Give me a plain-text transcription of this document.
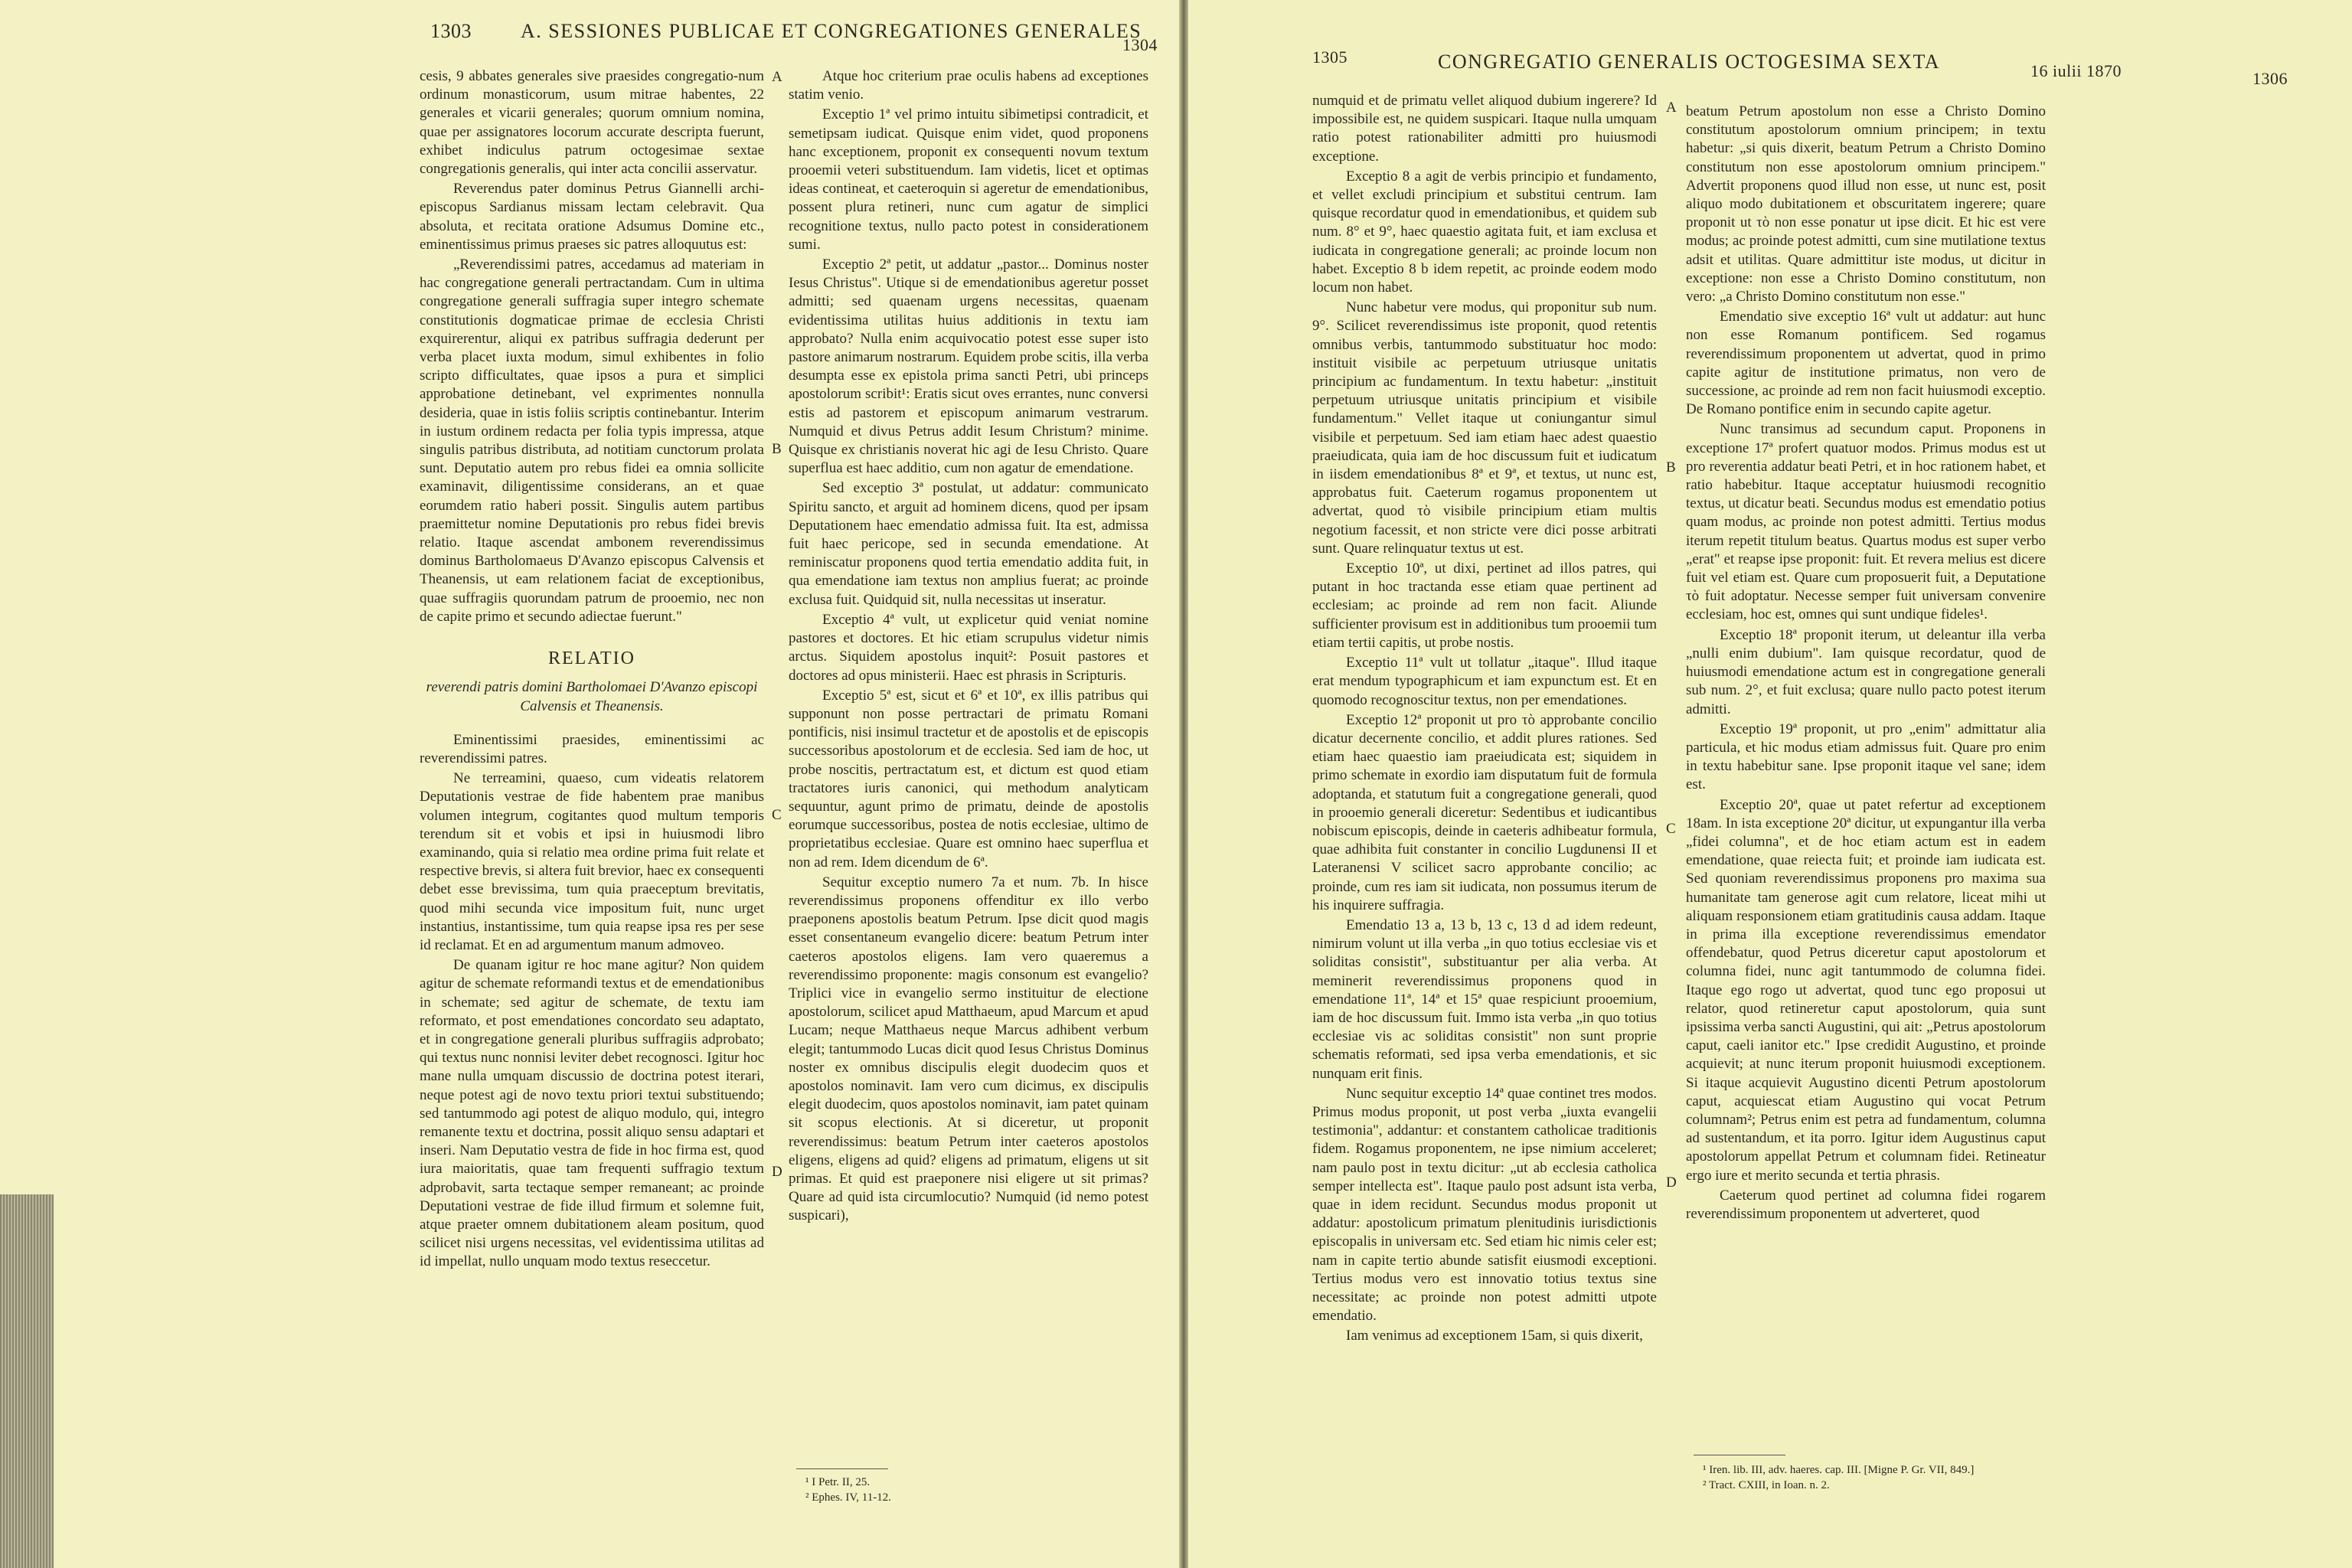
1303 A. SESSIONES PUBLICAE ET CONGREGATIONES GENERALES
1304

cesis, 9 abbates generales sive praesides congregatio-num ordinum monasticorum, usum mitrae habentes, 22 generales et vicarii generales; quorum omnium nomina, quae per assignatores locorum accurate descripta fuerunt, exhibet indiculus patrum octogesimae sextae congregationis generalis, qui inter acta concilii asservatur.

Reverendus pater dominus Petrus Giannelli archi-episcopus Sardianus missam lectam celebravit. Qua absoluta, et recitata oratione Adsumus Domine etc., eminentissimus primus praeses sic patres alloquutus est:

„Reverendissimi patres, accedamus ad materiam in hac congregatione generali pertractandam. Cum in ultima congregatione generali suffragia super integro schemate constitutionis dogmaticae primae de ecclesia Christi exquirerentur, aliqui ex patribus suffragia dederunt per verba placet iuxta modum, simul exhibentes in folio scripto difficultates, quae ipsos a pura et simplici approbatione detinebant, vel exprimentes nonnulla desideria, quae in istis foliis scriptis continebantur. Interim in iustum ordinem redacta per folia typis impressa, atque singulis patribus distributa, ad notitiam cunctorum prolata sunt. Deputatio autem pro rebus fidei ea omnia sollicite examinavit, diligentissime considerans, an et quae eorumdem ratio haberi possit. Singulis autem partibus praemittetur nomine Deputationis pro rebus fidei brevis relatio. Itaque ascendat ambonem reverendissimus dominus Bartholomaeus D'Avanzo episcopus Calvensis et Theanensis, ut eam relationem faciat de exceptionibus, quae suffragiis quorundam patrum de prooemio, nec non de capite primo et secundo adiectae fuerunt."

RELATIO

reverendi patris domini Bartholomaei D'Avanzo episcopi Calvensis et Theanensis.

Eminentissimi praesides, eminentissimi ac reverendissimi patres.

Ne terreamini, quaeso, cum videatis relatorem Deputationis vestrae de fide habentem prae manibus volumen integrum, cogitantes quod multum temporis terendum sit et vobis et ipsi in huiusmodi libro examinando, quia si relatio mea ordine prima fuit relate et respective brevis, si altera fuit brevior, haec ex consequenti debet esse brevissima, tum quia praeceptum brevitatis, quod mihi secunda vice impositum fuit, nunc urget instantius, instantissime, tum quia reapse ipsa res per sese id reclamat. Et en ad argumentum manum admoveo.

De quanam igitur re hoc mane agitur? Non quidem agitur de schemate reformandi textus et de emendationibus in schemate; sed agitur de schemate, de textu iam reformato, et post emendationes concordato seu adaptato, et in congregatione generali pluribus suffragiis adprobato; qui textus nunc nonnisi leviter debet recognosci. Igitur hoc mane nulla umquam discussio de doctrina potest iterari, neque potest agi de novo textu priori textui substituendo; sed tantummodo agi potest de aliquo modulo, qui, integro remanente textu et doctrina, possit aliquo sensu adaptari et inseri. Nam Deputatio vestra de fide in hoc firma est, quod iura maioritatis, quae tam frequenti suffragio textum adprobavit, sarta tectaque semper remaneant; ac proinde Deputationi vestrae de fide illud firmum et solemne fuit, atque praeter omnem dubitationem aleam positum, quod scilicet nisi urgens necessitas, vel evidentissima utilitas ad id impellat, nullo unquam modo textus reseccetur.

Atque hoc criterium prae oculis habens ad exceptiones statim venio.

Exceptio 1ª vel primo intuitu sibimetipsi contradicit, et semetipsam iudicat. Quisque enim videt, quod proponens hanc exceptionem, proponit ex consequenti novum textum prooemii veteri substituendum. Iam videtis, licet et optimas ideas contineat, et caeteroquin si ageretur de emendationibus, possent plura retineri, nunc cum agatur de simplici recognitione textus, nullo pacto potest in considerationem sumi.

Exceptio 2ª petit, ut addatur „pastor... Dominus noster Iesus Christus". Utique si de emendationibus ageretur posset admitti; sed quaenam urgens necessitas, quaenam evidentissima utilitas huius additionis in textu iam approbato? Nulla enim acquivocatio potest esse super isto pastore animarum nostrarum. Equidem probe scitis, illa verba desumpta esse ex epistola prima sancti Petri, ubi princeps apostolorum scribit¹: Eratis sicut oves errantes, nunc conversi estis ad pastorem et episcopum animarum vestrarum. Numquid et divus Petrus addit Iesum Christum? minime. Quisque ex christianis noverat hic agi de Iesu Christo. Quare superflua est haec additio, cum non agatur de emendatione.

Sed exceptio 3ª postulat, ut addatur: communicato Spiritu sancto, et arguit ad hominem dicens, quod per ipsam Deputationem haec emendatio admissa fuit. Ita est, admissa fuit haec pericope, sed in secunda emendatione. At reminiscatur proponens quod tertia emendatio addita fuit, in qua emendatione iam textus non amplius fuerat; ac proinde exclusa fuit. Quidquid sit, nulla necessitas ut inseratur.

Exceptio 4ª vult, ut explicetur quid veniat nomine pastores et doctores. Et hic etiam scrupulus videtur nimis arctus. Siquidem apostolus inquit²: Posuit pastores et doctores ad opus ministerii. Haec est phrasis in Scripturis.

Exceptio 5ª est, sicut et 6ª et 10ª, ex illis patribus qui supponunt non posse pertractari de primatu Romani pontificis, nisi insimul tractetur et de apostolis et de episcopis successoribus apostolorum et de ecclesia. Sed iam de hoc, ut probe noscitis, pertractatum est, et dictum est quod etiam tractatores iuris canonici, qui methodum analyticam sequuntur, agunt primo de primatu, deinde de apostolis eorumque successoribus, postea de notis ecclesiae, ultimo de proprietatibus ecclesiae. Quare est omnino haec superflua et non ad rem. Idem dicendum de 6ª.

Sequitur exceptio numero 7a et num. 7b. In hisce reverendissimus proponens offenditur ex illo verbo praeponens apostolis beatum Petrum. Ipse dicit quod magis esset consentaneum evangelio dicere: beatum Petrum inter caeteros apostolos eligens. Iam vero quaeremus a reverendissimo proponente: magis consonum est evangelio? Triplici vice in evangelio sermo instituitur de electione apostolorum, scilicet apud Matthaeum, apud Marcum et apud Lucam; neque Matthaeus neque Marcus adhibent verbum elegit; tantummodo Lucas dicit quod Iesus Christus Dominus noster ex omnibus discipulis elegit duodecim quos et apostolos nominavit. Iam vero cum dicimus, ex discipulis elegit duodecim, quos apostolos nominavit, iam patet quinam sit scopus electionis. At si diceretur, ut proponit reverendissimus: beatum Petrum inter caeteros apostolos eligens, eligens ad quid? eligens ad primatum, eligens ut sit primas. Et quid est praeponere nisi eligere ut sit primas? Quare ad quid ista circumlocutio? Numquid (id nemo potest suspicari),

A
B
C
D
¹ I Petr. II, 25.
² Ephes. IV, 11-12.
1305	CONGREGATIO GENERALIS OCTOGESIMA SEXTA	16 iulii 1870	1306

numquid et de primatu vellet aliquod dubium ingerere? Id impossibile est, ne quidem suspicari. Itaque nulla umquam ratio potest rationabiliter admitti pro huiusmodi exceptione.

Exceptio 8 a agit de verbis principio et fundamento, et vellet excludi principium et substitui centrum. Iam quisque recordatur quod in emendationibus, et quidem sub num. 8° et 9°, haec quaestio agitata fuit, et iam exclusa et iudicata in congregatione generali; ac proinde locum non habet. Exceptio 8 b idem repetit, ac proinde eodem modo locum non habet.

Nunc habetur vere modus, qui proponitur sub num. 9°. Scilicet reverendissimus iste proponit, quod retentis omnibus verbis, tantummodo substituatur hoc modo: instituit visibile ac perpetuum utriusque unitatis principium ac fundamentum. In textu habetur: „instituit perpetuum utriusque unitatis principium et visibile fundamentum." Vellet itaque ut coniungantur simul visibile et perpetuum. Sed iam etiam haec adest quaestio praeiudicata, quia iam de hoc discussum fuit et iudicatum in iisdem emendationibus 8ª et 9ª, et textus, ut nunc est, approbatus fuit. Caeterum rogamus proponentem ut advertat, quod τὸ visibile principium etiam multis negotium facessit, et non stricte vere dici posse arbitrati sunt. Quare relinquatur textus ut est.

Exceptio 10ª, ut dixi, pertinet ad illos patres, qui putant in hoc tractanda esse etiam quae pertinent ad ecclesiam; ac proinde ad rem non facit. Aliunde sufficienter provisum est in additionibus tum prooemii tum etiam tertii capitis, ut probe nostis.

Exceptio 11ª vult ut tollatur „itaque". Illud itaque erat mendum typographicum et iam expunctum est. Et en quomodo recognoscitur textus, non per emendationes.

Exceptio 12ª proponit ut pro τὸ approbante concilio dicatur decernente concilio, et addit plures rationes. Sed etiam haec quaestio iam praeiudicata est; siquidem in primo schemate in exordio iam disputatum fuit de formula adoptanda, et statutum fuit a congregatione generali, quod in prooemio generali diceretur: Sedentibus et iudicantibus nobiscum episcopis, deinde in caeteris adhibeatur formula, quae adhibita fuit constanter in concilio Lugdunensi II et Lateranensi V scilicet sacro approbante concilio; ac proinde, cum res iam sit iudicata, non possumus iterum de his inquirere suffragia.

Emendatio 13 a, 13 b, 13 c, 13 d ad idem redeunt, nimirum volunt ut illa verba „in quo totius ecclesiae vis et soliditas consistit", substituantur per alia verba. At meminerit reverendissimus proponens quod in emendatione 11ª, 14ª et 15ª quae respiciunt prooemium, iam de hoc discussum fuit. Immo ista verba „in quo totius ecclesiae vis ac soliditas consistit" non sunt proprie schematis reformati, sed ipsa verba emendationis, et sic nunquam erit finis.

Nunc sequitur exceptio 14ª quae continet tres modos. Primus modus proponit, ut post verba „iuxta evangelii testimonia", addantur: et constantem catholicae traditionis fidem. Rogamus proponentem, ne ipse nimium acceleret; nam paulo post in textu dicitur: „ut ab ecclesia catholica semper intellecta est". Itaque paulo post adsunt ista verba, quae in idem recidunt. Secundus modus proponit ut addatur: apostolicum primatum plenitudinis iurisdictionis episcopalis in universam etc. Sed etiam hic nimis celer est; nam in capite tertio abunde satisfit eiusmodi exceptioni. Tertius modus vero est innovatio totius textus sine necessitate; ac proinde non potest admitti utpote emendatio.

Iam venimus ad exceptionem 15am, si quis dixerit,

beatum Petrum apostolum non esse a Christo Domino constitutum apostolorum omnium principem; in textu habetur: „si quis dixerit, beatum Petrum a Christo Domino constitutum non esse apostolorum omnium principem." Advertit proponens quod illud non esse, ut nunc est, posit aliquo modo dubitationem et obscuritatem ingerere; quare proponit ut τὸ non esse ponatur ut ipse dicit. Et hic est vere modus; ac proinde potest admitti, cum sine mutilatione textus adsit et utilitas. Quare admittitur iste modus, ut dicitur in exceptione: non esse a Christo Domino constitutum, non vero: „a Christo Domino constitutum non esse."

Emendatio sive exceptio 16ª vult ut addatur: aut hunc non esse Romanum pontificem. Sed rogamus reverendissimum proponentem ut advertat, quod in primo capite agitur de institutione primatus, non vero de successione, ac proinde ad rem non facit huiusmodi exceptio. De Romano pontifice enim in secundo capite agetur.

Nunc transimus ad secundum caput. Proponens in exceptione 17ª profert quatuor modos. Primus modus est ut pro reverentia addatur beati Petri, et in hoc rationem habet, et ratio habebitur. Itaque acceptatur huiusmodi recognitio textus, ut dicatur beati. Secundus modus est emendatio potius quam modus, ac proinde non potest admitti. Tertius modus iterum repetit titulum beatus. Quartus modus est super verbo „erat" et reapse ipse proponit: fuit. Et revera melius est dicere fuit vel etiam est. Quare cum proposuerit fuit, a Deputatione τὸ fuit adoptatur. Necesse semper fuit universam convenire ecclesiam, hoc est, omnes qui sunt undique fideles¹.

Exceptio 18ª proponit iterum, ut deleantur illa verba „nulli enim dubium". Iam quisque recordatur, quod de huiusmodi emendatione actum est in congregatione generali sub num. 2°, et fuit exclusa; quare nullo pacto potest iterum admitti.

Exceptio 19ª proponit, ut pro „enim" admittatur alia particula, et hic modus etiam admissus fuit. Quare pro enim in textu habebitur sane. Ipse proponit itaque vel sane; idem est.

Exceptio 20ª, quae ut patet refertur ad exceptionem 18am. In ista exceptione 20ª dicitur, ut expungantur illa verba „fidei columna", et de hoc etiam actum est in eadem emendatione, quae reiecta fuit; et proinde iam iudicata est. Sed quoniam reverendissimus proponens pro maxima sua humanitate tam generose agit cum relatore, liceat mihi ut aliquam responsionem etiam gratitudinis causa addam. Itaque in prima illa exceptione reverendissimus emendator offendebatur, quod Petrus diceretur caput apostolorum et columna fidei, nunc agit tantummodo de columna fidei. Itaque ego rogo ut advertat, quod tunc ego proposui ut relator, quod retineretur caput apostolorum, quia sunt ipsissima verba sancti Augustini, qui ait: „Petrus apostolorum caput, caeli ianitor etc." Ipse credidit Augustino, et proinde acquievit; at nunc iterum proponit huiusmodi exceptionem. Si itaque acquievit Augustino dicenti Petrum apostolorum caput, acquiescat etiam Augustino qui vocat Petrum columnam²; Petrus enim est petra ad fundamentum, columna ad sustentandum, et ita porro. Igitur idem Augustinus caput apostolorum appellat Petrum et columnam fidei. Retineatur ergo iure et merito secunda et tertia phrasis.

Caeterum quod pertinet ad columna fidei rogarem reverendissimum proponentem ut adverteret, quod

A
B
C
D
¹ Iren. lib. III, adv. haeres. cap. III. [Migne P. Gr. VII, 849.]
² Tract. CXIII, in Ioan. n. 2.
